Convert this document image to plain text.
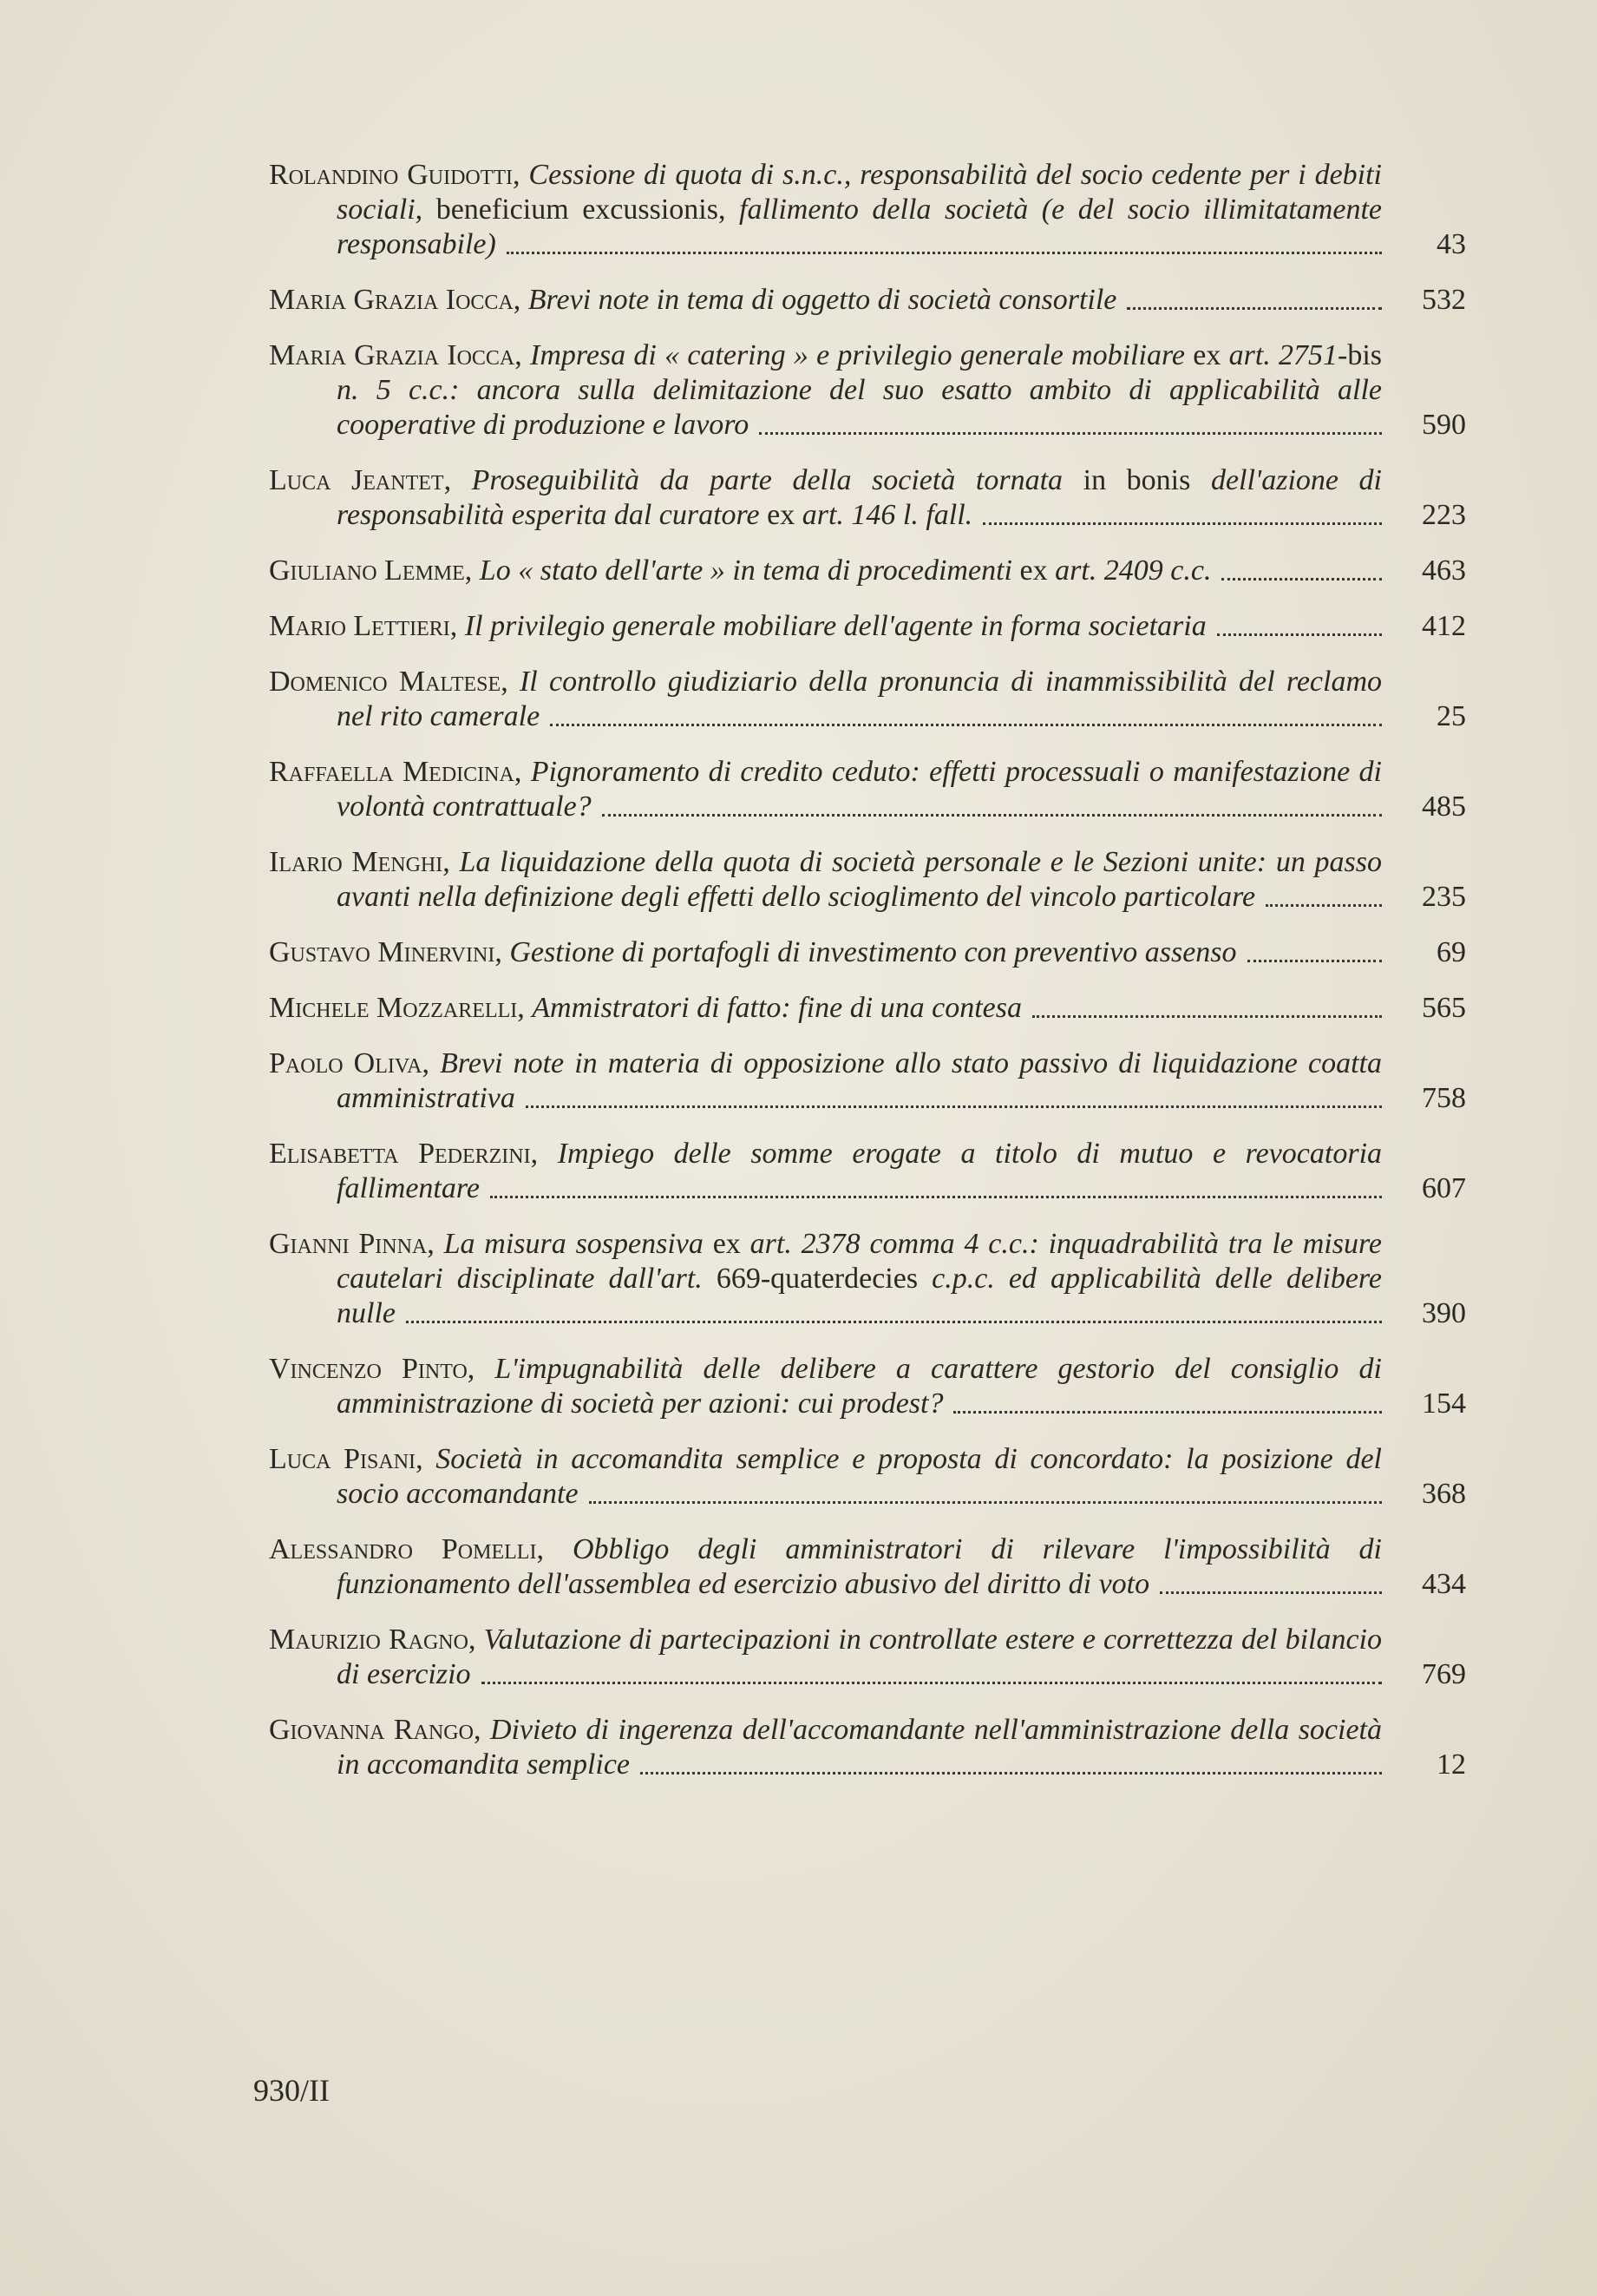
Rolandino Guidotti, Cessione di quota di s.n.c., responsabilità del socio cedente per i debiti sociali, beneficium excussionis, fallimento della società (e del socio illimitatamente responsabile)	43
Maria Grazia Iocca, Brevi note in tema di oggetto di società consortile	532
Maria Grazia Iocca, Impresa di « catering » e privilegio generale mobiliare ex art. 2751-bis n. 5 c.c.: ancora sulla delimitazione del suo esatto ambito di applicabilità alle cooperative di produzione e lavoro	590
Luca Jeantet, Proseguibilità da parte della società tornata in bonis dell'azione di responsabilità esperita dal curatore ex art. 146 l. fall.	223
Giuliano Lemme, Lo « stato dell'arte » in tema di procedimenti ex art. 2409 c.c.	463
Mario Lettieri, Il privilegio generale mobiliare dell'agente in forma societaria	412
Domenico Maltese, Il controllo giudiziario della pronuncia di inammissibilità del reclamo nel rito camerale	25
Raffaella Medicina, Pignoramento di credito ceduto: effetti processuali o manifestazione di volontà contrattuale?	485
Ilario Menghi, La liquidazione della quota di società personale e le Sezioni unite: un passo avanti nella definizione degli effetti dello scioglimento del vincolo particolare	235
Gustavo Minervini, Gestione di portafogli di investimento con preventivo assenso	69
Michele Mozzarelli, Ammistratori di fatto: fine di una contesa	565
Paolo Oliva, Brevi note in materia di opposizione allo stato passivo di liquidazione coatta amministrativa	758
Elisabetta Pederzini, Impiego delle somme erogate a titolo di mutuo e revocatoria fallimentare	607
Gianni Pinna, La misura sospensiva ex art. 2378 comma 4 c.c.: inquadrabilità tra le misure cautelari disciplinate dall'art. 669-quaterdecies c.p.c. ed applicabilità delle delibere nulle	390
Vincenzo Pinto, L'impugnabilità delle delibere a carattere gestorio del consiglio di amministrazione di società per azioni: cui prodest?	154
Luca Pisani, Società in accomandita semplice e proposta di concordato: la posizione del socio accomandante	368
Alessandro Pomelli, Obbligo degli amministratori di rilevare l'impossibilità di funzionamento dell'assemblea ed esercizio abusivo del diritto di voto	434
Maurizio Ragno, Valutazione di partecipazioni in controllate estere e correttezza del bilancio di esercizio	769
Giovanna Rango, Divieto di ingerenza dell'accomandante nell'amministrazione della società in accomandita semplice	12
930/II
